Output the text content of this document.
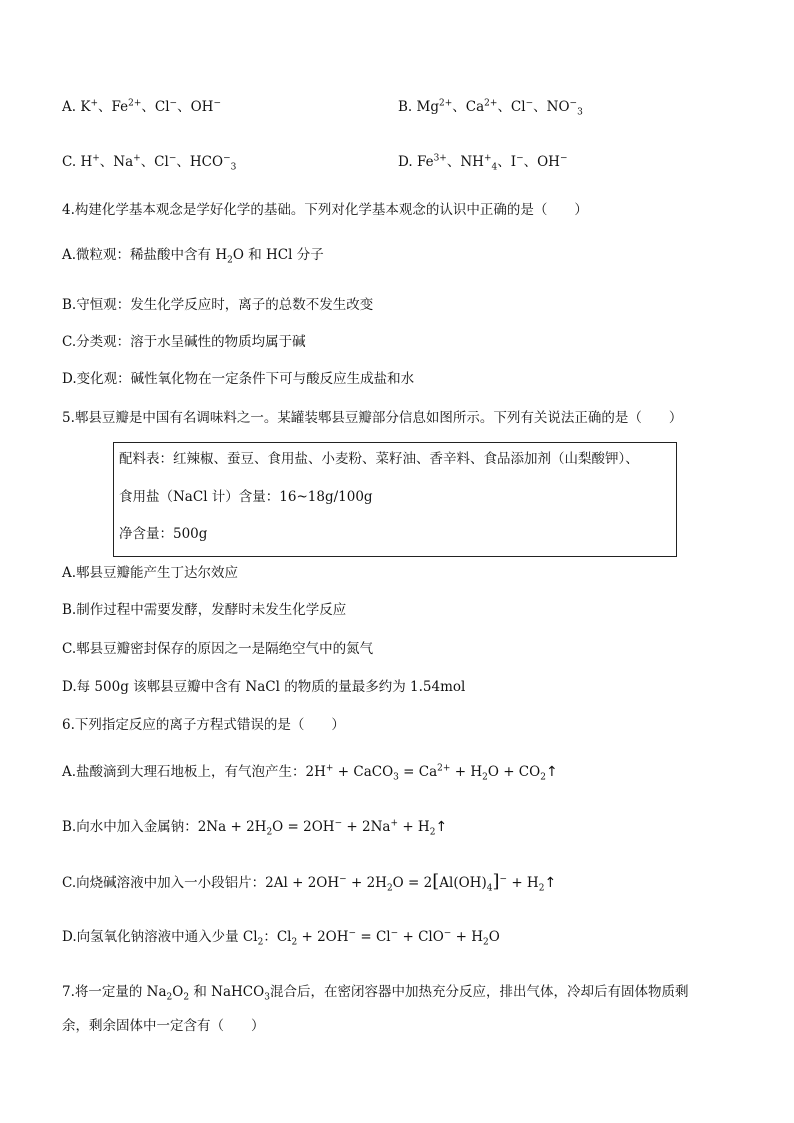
A. K+、$Fe^{2+}$、Cl−、OH−	B. $Mg^{2+}$、$Ca^{2+}$、Cl−、$NO^-_3$
C. H+、Na+、Cl−、$HCO^-_3$	D. $Fe^{3+}$、$NH^+_4$、I−、OH−
4.构建化学基本观念是学好化学的基础。下列对化学基本观念的认识中正确的是（　　）
A.微粒观：稀盐酸中含有 $H_2O$ 和 HCl 分子
B.守恒观：发生化学反应时，离子的总数不发生改变
C.分类观：溶于水呈碱性的物质均属于碱
D.变化观：碱性氧化物在一定条件下可与酸反应生成盐和水
5.郫县豆瓣是中国有名调味料之一。某罐装郫县豆瓣部分信息如图所示。下列有关说法正确的是（　　）
配料表：红辣椒、蚕豆、食用盐、小麦粉、菜籽油、香辛料、食品添加剂（山梨酸钾）、
食用盐（NaCl 计）含量：16~18g/100g
净含量：500g
A.郫县豆瓣能产生丁达尔效应
B.制作过程中需要发酵，发酵时未发生化学反应
C.郫县豆瓣密封保存的原因之一是隔绝空气中的氮气
D.每 500g 该郫县豆瓣中含有 NaCl 的物质的量最多约为 1.54mol
6.下列指定反应的离子方程式错误的是（　　）
A.盐酸滴到大理石地板上，有气泡产生：2H+ + CaCO$_3$ = $Ca^{2+} + H_2O$ + $CO_2↑$
B.向水中加入金属钠：$2Na + 2H_2O = 2OH^- + 2Na^+$ + $H_2↑$
C.向烧碱溶液中加入一小段铝片：$2Al + 2OH^- + 2H_2O = 2[Al(OH)_4]^-$ + $H_2↑$
D.向氢氧化钠溶液中通入少量 $Cl_2$：$Cl_2 + 2OH^- = Cl^- + ClO^- + H_2O$
7.将一定量的 $Na_2O_2$ 和 NaHCO$_3$混合后，在密闭容器中加热充分反应，排出气体，冷却后有固体物质剩
余，剩余固体中一定含有（　　）
